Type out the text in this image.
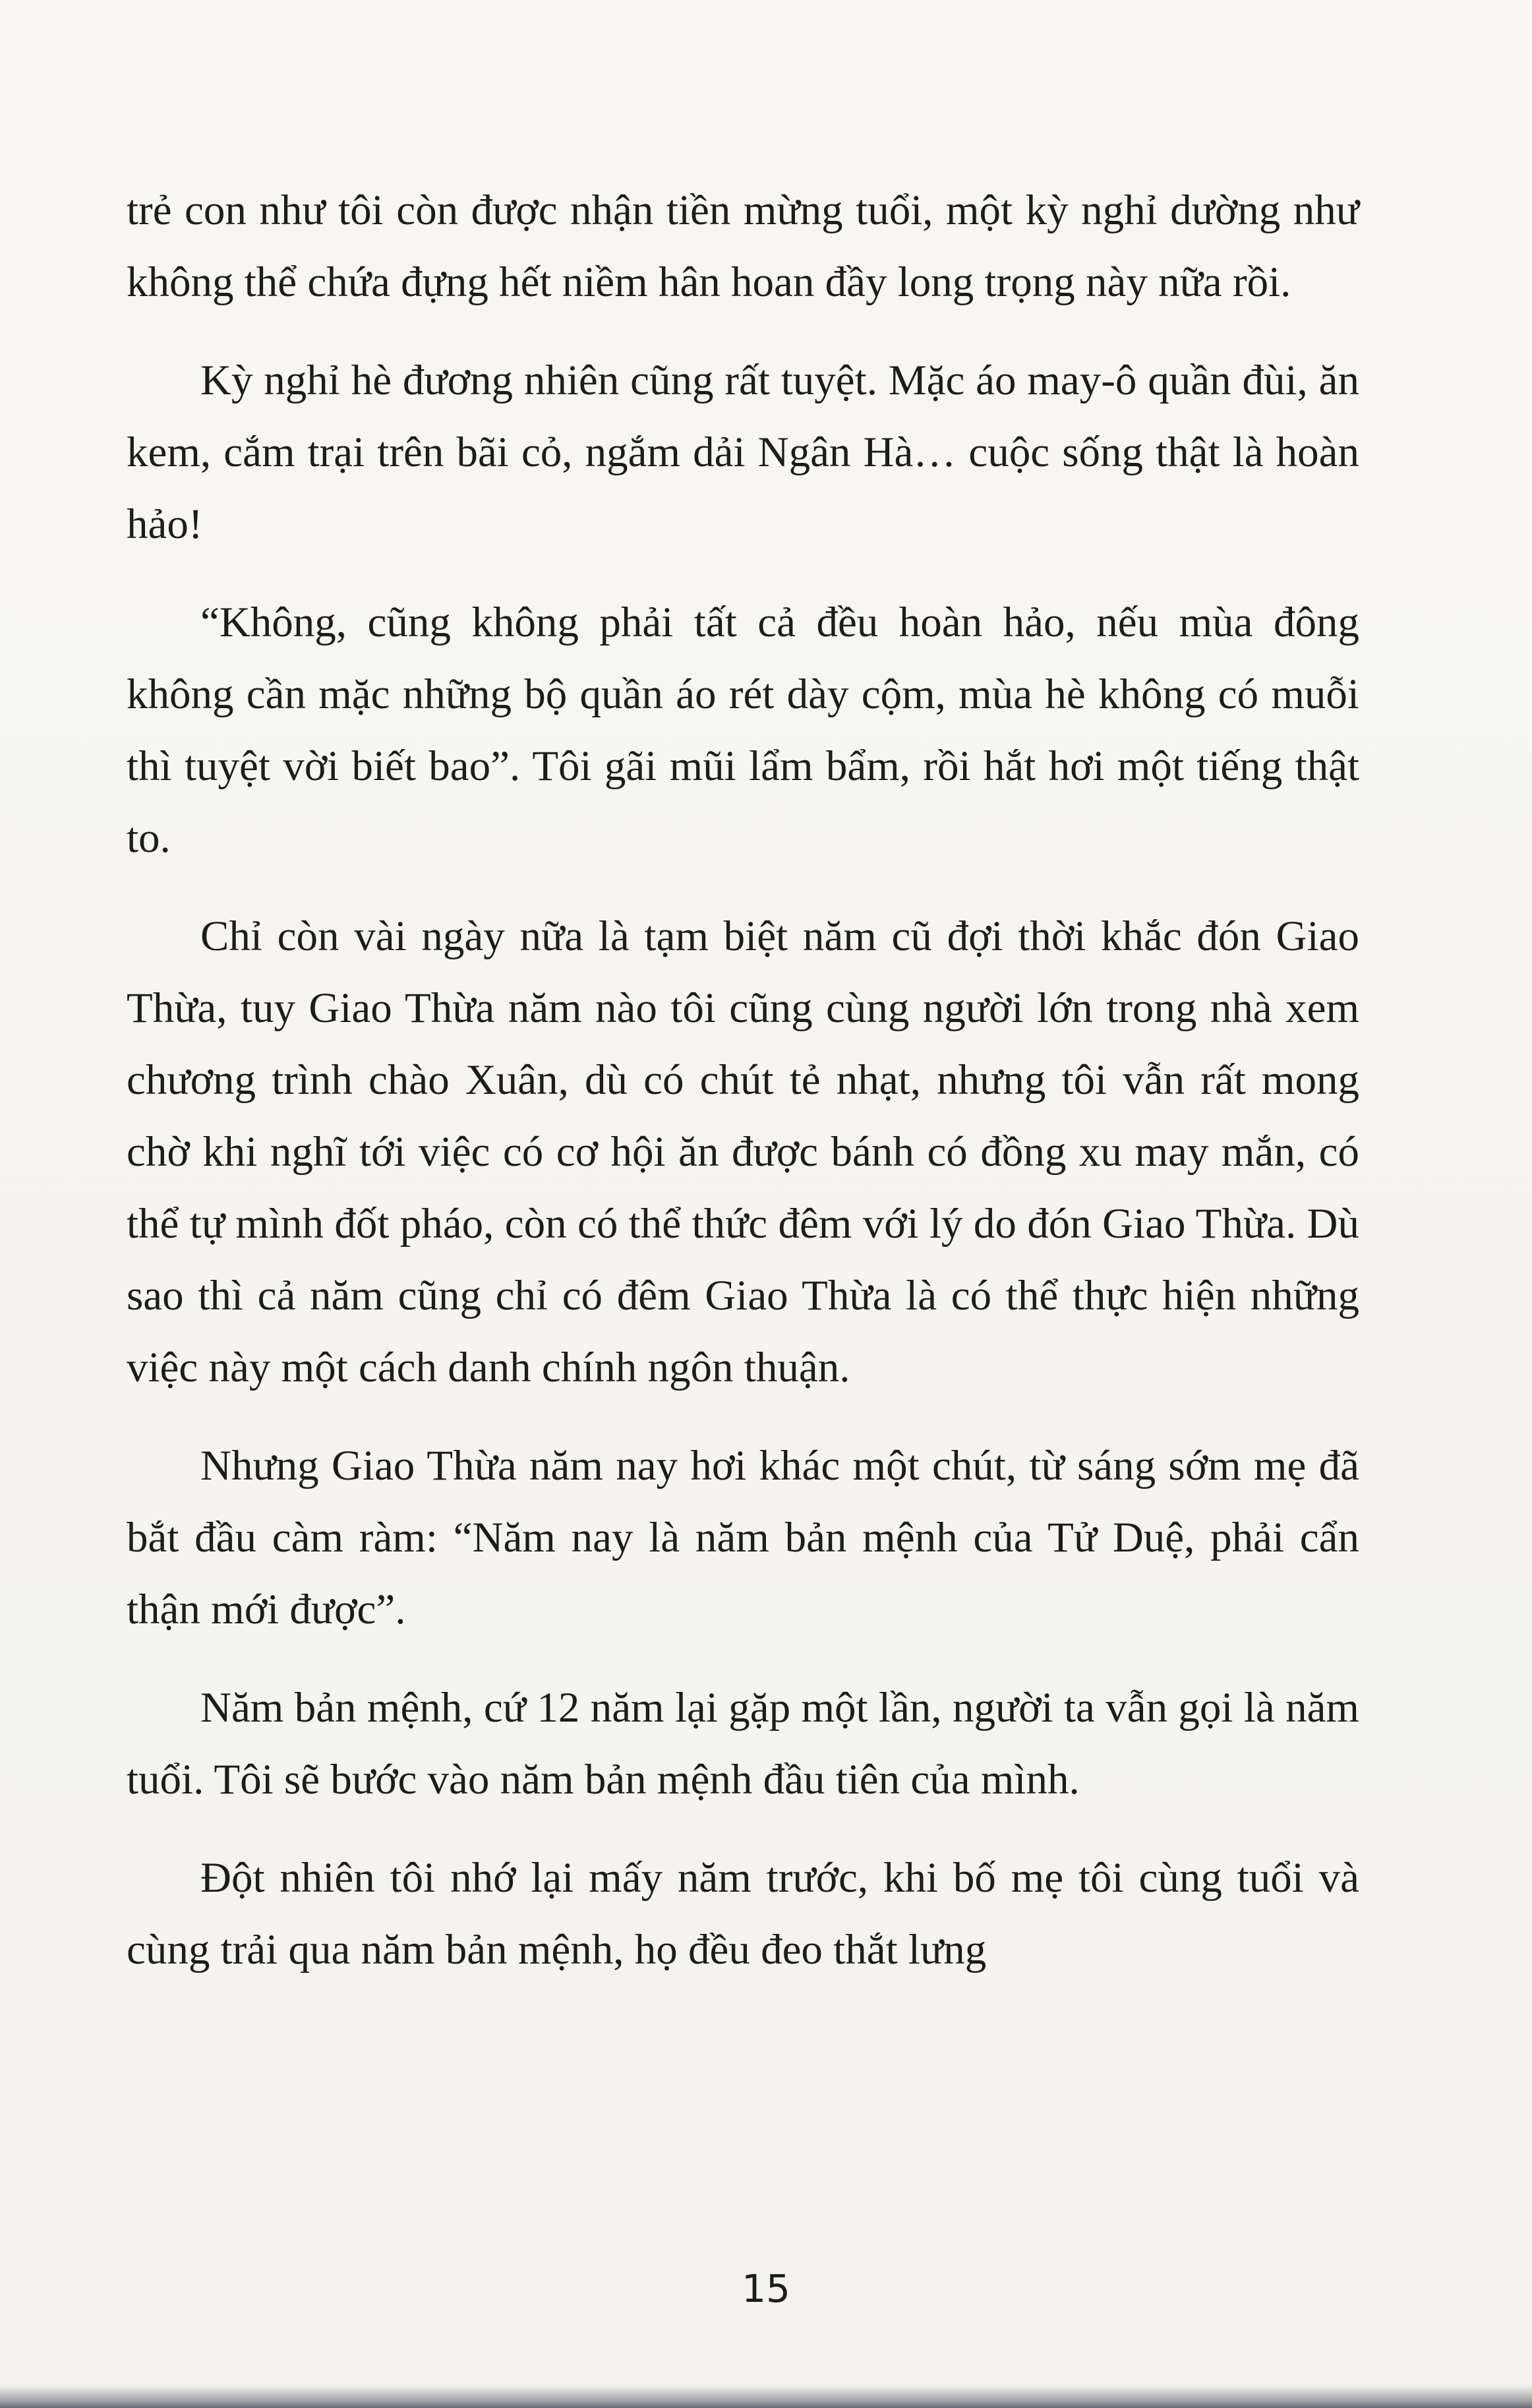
trẻ con như tôi còn được nhận tiền mừng tuổi, một kỳ nghỉ dường như không thể chứa đựng hết niềm hân hoan đầy long trọng này nữa rồi.

Kỳ nghỉ hè đương nhiên cũng rất tuyệt. Mặc áo may-ô quần đùi, ăn kem, cắm trại trên bãi cỏ, ngắm dải Ngân Hà… cuộc sống thật là hoàn hảo!

“Không, cũng không phải tất cả đều hoàn hảo, nếu mùa đông không cần mặc những bộ quần áo rét dày cộm, mùa hè không có muỗi thì tuyệt vời biết bao”. Tôi gãi mũi lẩm bẩm, rồi hắt hơi một tiếng thật to.

Chỉ còn vài ngày nữa là tạm biệt năm cũ đợi thời khắc đón Giao Thừa, tuy Giao Thừa năm nào tôi cũng cùng người lớn trong nhà xem chương trình chào Xuân, dù có chút tẻ nhạt, nhưng tôi vẫn rất mong chờ khi nghĩ tới việc có cơ hội ăn được bánh có đồng xu may mắn, có thể tự mình đốt pháo, còn có thể thức đêm với lý do đón Giao Thừa. Dù sao thì cả năm cũng chỉ có đêm Giao Thừa là có thể thực hiện những việc này một cách danh chính ngôn thuận.

Nhưng Giao Thừa năm nay hơi khác một chút, từ sáng sớm mẹ đã bắt đầu càm ràm: “Năm nay là năm bản mệnh của Tử Duệ, phải cẩn thận mới được”.

Năm bản mệnh, cứ 12 năm lại gặp một lần, người ta vẫn gọi là năm tuổi. Tôi sẽ bước vào năm bản mệnh đầu tiên của mình.

Đột nhiên tôi nhớ lại mấy năm trước, khi bố mẹ tôi cùng tuổi và cùng trải qua năm bản mệnh, họ đều đeo thắt lưng

15
